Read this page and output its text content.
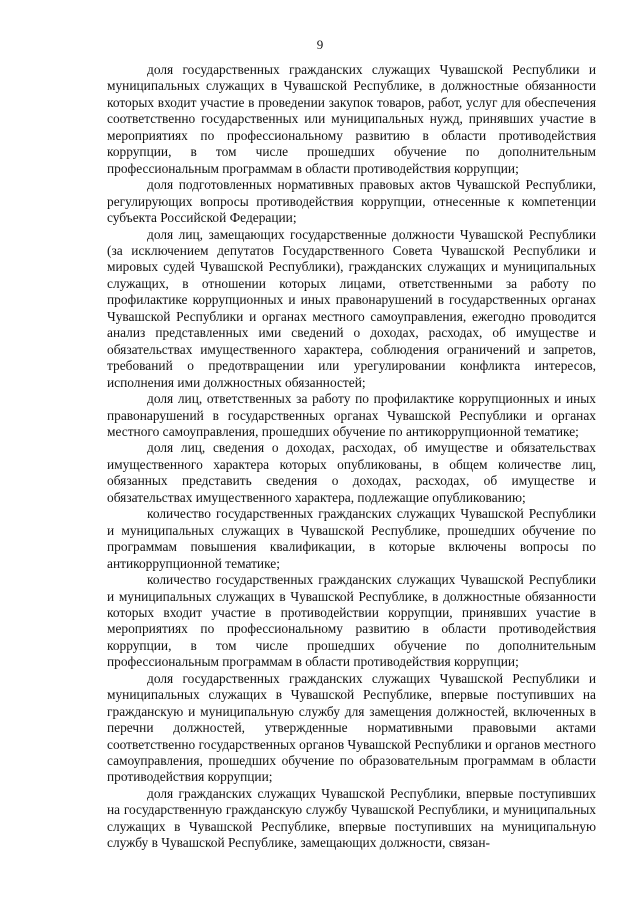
9

доля государственных гражданских служащих Чувашской Республики и муниципальных служащих в Чувашской Республике, в должностные обязанности которых входит участие в проведении закупок товаров, работ, услуг для обеспечения соответственно государственных или муниципальных нужд, принявших участие в мероприятиях по профессиональному развитию в области противодействия коррупции, в том числе прошедших обучение по дополнительным профессиональным программам в области противодействия коррупции;

доля подготовленных нормативных правовых актов Чувашской Республики, регулирующих вопросы противодействия коррупции, отнесенные к компетенции субъекта Российской Федерации;

доля лиц, замещающих государственные должности Чувашской Республики (за исключением депутатов Государственного Совета Чувашской Республики и мировых судей Чувашской Республики), гражданских служащих и муниципальных служащих, в отношении которых лицами, ответственными за работу по профилактике коррупционных и иных правонарушений в государственных органах Чувашской Республики и органах местного самоуправления, ежегодно проводится анализ представленных ими сведений о доходах, расходах, об имуществе и обязательствах имущественного характера, соблюдения ограничений и запретов, требований о предотвращении или урегулировании конфликта интересов, исполнения ими должностных обязанностей;

доля лиц, ответственных за работу по профилактике коррупционных и иных правонарушений в государственных органах Чувашской Республики и органах местного самоуправления, прошедших обучение по антикоррупционной тематике;

доля лиц, сведения о доходах, расходах, об имуществе и обязательствах имущественного характера которых опубликованы, в общем количестве лиц, обязанных представить сведения о доходах, расходах, об имуществе и обязательствах имущественного характера, подлежащие опубликованию;

количество государственных гражданских служащих Чувашской Республики и муниципальных служащих в Чувашской Республике, прошедших обучение по программам повышения квалификации, в которые включены вопросы по антикоррупционной тематике;

количество государственных гражданских служащих Чувашской Республики и муниципальных служащих в Чувашской Республике, в должностные обязанности которых входит участие в противодействии коррупции, принявших участие в мероприятиях по профессиональному развитию в области противодействия коррупции, в том числе прошедших обучение по дополнительным профессиональным программам в области противодействия коррупции;

доля государственных гражданских служащих Чувашской Республики и муниципальных служащих в Чувашской Республике, впервые поступивших на гражданскую и муниципальную службу для замещения должностей, включенных в перечни должностей, утвержденные нормативными правовыми актами соответственно государственных органов Чувашской Республики и органов местного самоуправления, прошедших обучение по образовательным программам в области противодействия коррупции;

доля гражданских служащих Чувашской Республики, впервые поступивших на государственную гражданскую службу Чувашской Республики, и муниципальных служащих в Чувашской Республике, впервые поступивших на муниципальную службу в Чувашской Республике, замещающих должности, связан-
